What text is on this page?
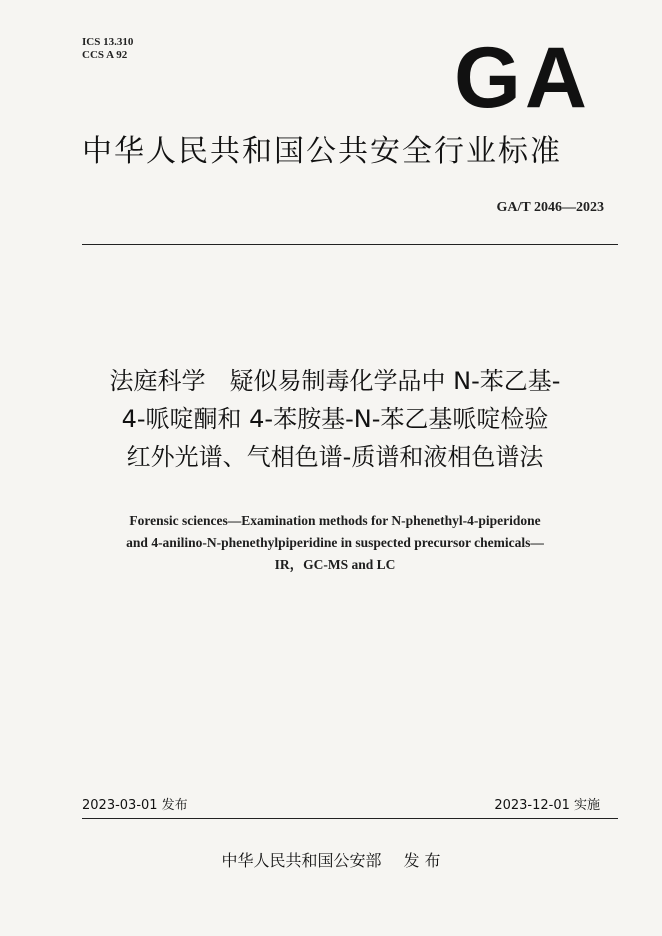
ICS 13.310
CCS A 92	GA
中华人民共和国公共安全行业标准
GA/T 2046—2023
法庭科学　疑似易制毒化学品中 N-苯乙基-
4-哌啶酮和 4-苯胺基-N-苯乙基哌啶检验
红外光谱、气相色谱-质谱和液相色谱法
Forensic sciences—Examination methods for N-phenethyl-4-piperidone
and 4-anilino-N-phenethylpiperidine in suspected precursor chemicals—
IR，GC-MS and LC
2023-03-01 发布	2023-12-01 实施
中华人民共和国公安部 发 布
